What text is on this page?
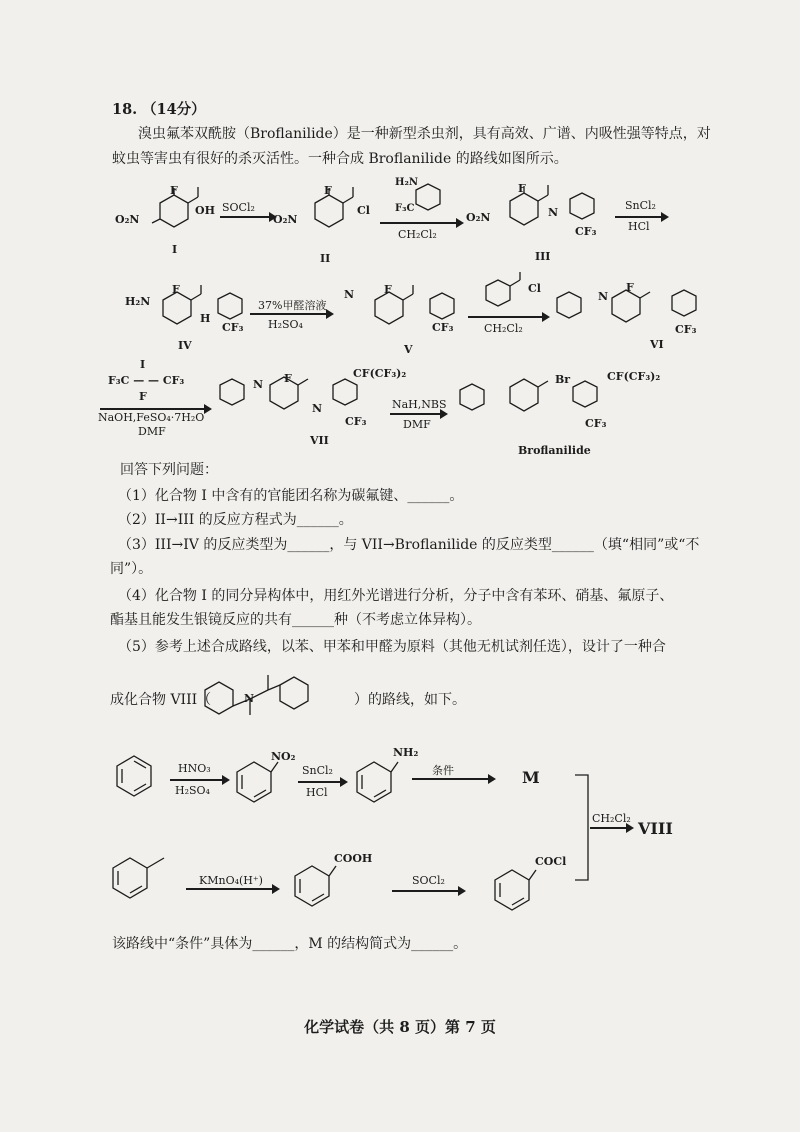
18. （14分）
溴虫氟苯双酰胺（Broflanilide）是一种新型杀虫剂，具有高效、广谱、内吸性强等特点，对
蚊虫等害虫有很好的杀灭活性。一种合成 Broflanilide 的路线如图所示。
O₂N
F
OH
I
SOCl₂
O₂N
F
Cl
II
H₂N
F₃C
CH₂Cl₂
O₂N
F
N
CF₃
III
SnCl₂
HCl
H₂N
F
H
CF₃
IV
37%甲醛溶液
H₂SO₄
N	F
CF₃
V
Cl
CH₂Cl₂
N
F
CF₃
VI
I
F₃C — — CF₃
F
NaOH,FeSO₄·7H₂O
DMF
N F
N
CF(CF₃)₂
CF₃
VII
NaH,NBS
DMF
Br	CF(CF₃)₂
CF₃
Broflanilide
回答下列问题：
（1）化合物 I 中含有的官能团名称为碳氟键、______。
（2）II→III 的反应方程式为______。
（3）III→IV 的反应类型为______，与 VII→Broflanilide 的反应类型______（填“相同”或“不
同”）。
（4）化合物 I 的同分异构体中，用红外光谱进行分析，分子中含有苯环、硝基、氟原子、
酯基且能发生银镜反应的共有______种（不考虑立体异构）。
（5）参考上述合成路线，以苯、甲苯和甲醛为原料（其他无机试剂任选），设计了一种合
成化合物 VIII（	N	）的路线，如下。
HNO₃
H₂SO₄
NO₂
SnCl₂
HCl
NH₂
条件	M
CH₂Cl₂
VIII
KMnO₄(H⁺)
COOH
SOCl₂
COCl
该路线中“条件”具体为______，M 的结构简式为______。
化学试卷（共 8 页）第 7 页
